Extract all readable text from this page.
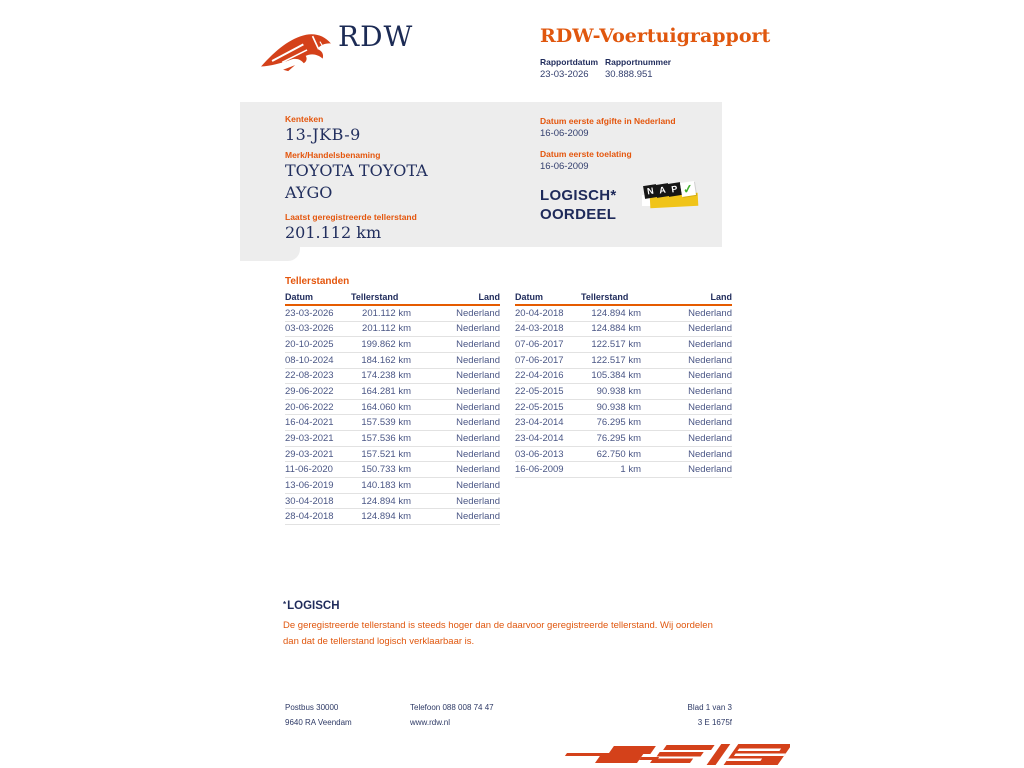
RDW	RDW-Voertuigrapport
Rapportdatum Rapportnummer
23-03-2026 30.888.951
Kenteken
13-JKB-9
Merk/Handelsbenaming
TOYOTA TOYOTA AYGO
Laatst geregistreerde tellerstand
201.112 km
Datum eerste afgifte in Nederland
16-06-2009
Datum eerste toelating
16-06-2009
LOGISCH*
OORDEEL
N A P ✓
Tellerstanden
Datum	Tellerstand	Land
23-03-2026	201.112 km	Nederland
03-03-2026	201.112 km	Nederland
20-10-2025	199.862 km	Nederland
08-10-2024	184.162 km	Nederland
22-08-2023	174.238 km	Nederland
29-06-2022	164.281 km	Nederland
20-06-2022	164.060 km	Nederland
16-04-2021	157.539 km	Nederland
29-03-2021	157.536 km	Nederland
29-03-2021	157.521 km	Nederland
11-06-2020	150.733 km	Nederland
13-06-2019	140.183 km	Nederland
30-04-2018	124.894 km	Nederland
28-04-2018	124.894 km	Nederland
Datum	Tellerstand	Land
20-04-2018	124.894 km	Nederland
24-03-2018	124.884 km	Nederland
07-06-2017	122.517 km	Nederland
07-06-2017	122.517 km	Nederland
22-04-2016	105.384 km	Nederland
22-05-2015	90.938 km	Nederland
22-05-2015	90.938 km	Nederland
23-04-2014	76.295 km	Nederland
23-04-2014	76.295 km	Nederland
03-06-2013	62.750 km	Nederland
16-06-2009	1 km	Nederland
*LOGISCH
De geregistreerde tellerstand is steeds hoger dan de daarvoor geregistreerde tellerstand. Wij oordelen dan dat de tellerstand logisch verklaarbaar is.
Postbus 30000
9640 RA Veendam
Telefoon 088 008 74 47
www.rdw.nl
Blad 1 van 3
3 E 1675f
